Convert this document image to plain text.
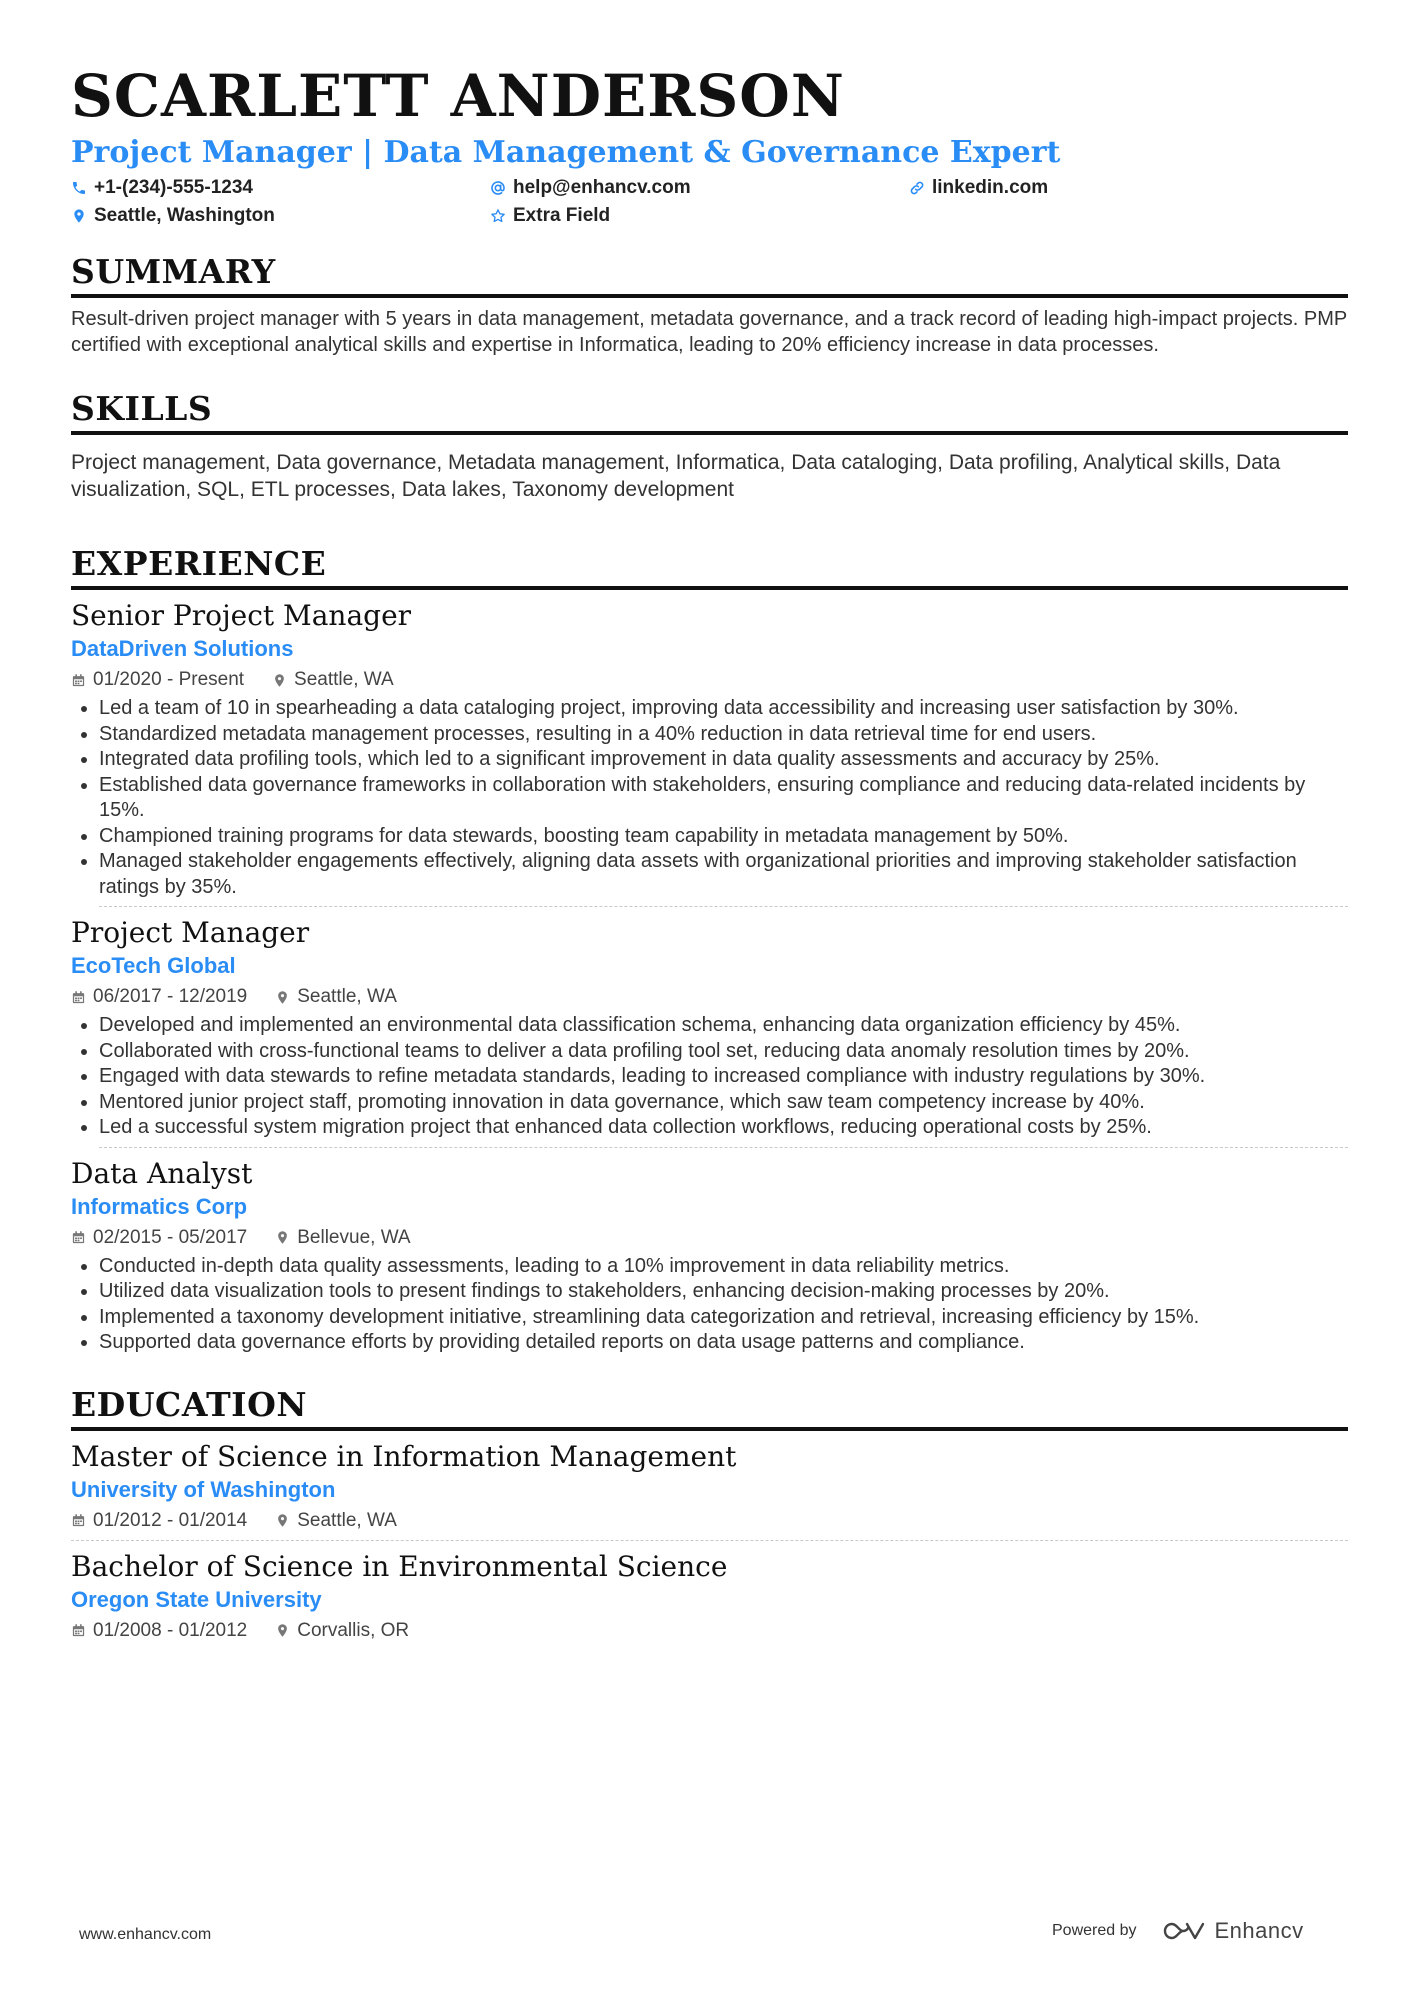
SCARLETT ANDERSON

Project Manager | Data Management & Governance Expert

+1-(234)-555-1234	help@enhancv.com	linkedin.com
Seattle, Washington	Extra Field
SUMMARY

Result-driven project manager with 5 years in data management, metadata governance, and a track record of leading high-impact projects. PMP certified with exceptional analytical skills and expertise in Informatica, leading to 20% efficiency increase in data processes.

SKILLS

Project management, Data governance, Metadata management, Informatica, Data cataloging, Data profiling, Analytical skills, Data visualization, SQL, ETL processes, Data lakes, Taxonomy development

EXPERIENCE

Senior Project Manager

DataDriven Solutions

01/2020 - Present	Seattle, WA
• Led a team of 10 in spearheading a data cataloging project, improving data accessibility and increasing user satisfaction by 30%.
• Standardized metadata management processes, resulting in a 40% reduction in data retrieval time for end users.
• Integrated data profiling tools, which led to a significant improvement in data quality assessments and accuracy by 25%.
• Established data governance frameworks in collaboration with stakeholders, ensuring compliance and reducing data-related incidents by 15%.
• Championed training programs for data stewards, boosting team capability in metadata management by 50%.
• Managed stakeholder engagements effectively, aligning data assets with organizational priorities and improving stakeholder satisfaction ratings by 35%.

Project Manager

EcoTech Global

06/2017 - 12/2019	Seattle, WA
• Developed and implemented an environmental data classification schema, enhancing data organization efficiency by 45%.
• Collaborated with cross-functional teams to deliver a data profiling tool set, reducing data anomaly resolution times by 20%.
• Engaged with data stewards to refine metadata standards, leading to increased compliance with industry regulations by 30%.
• Mentored junior project staff, promoting innovation in data governance, which saw team competency increase by 40%.
• Led a successful system migration project that enhanced data collection workflows, reducing operational costs by 25%.

Data Analyst

Informatics Corp

02/2015 - 05/2017	Bellevue, WA
• Conducted in-depth data quality assessments, leading to a 10% improvement in data reliability metrics.
• Utilized data visualization tools to present findings to stakeholders, enhancing decision-making processes by 20%.
• Implemented a taxonomy development initiative, streamlining data categorization and retrieval, increasing efficiency by 15%.
• Supported data governance efforts by providing detailed reports on data usage patterns and compliance.
EDUCATION

Master of Science in Information Management

University of Washington

01/2012 - 01/2014	Seattle, WA

Bachelor of Science in Environmental Science

Oregon State University

01/2008 - 01/2012	Corvallis, OR
www.enhancv.com	Powered by	Enhancv
